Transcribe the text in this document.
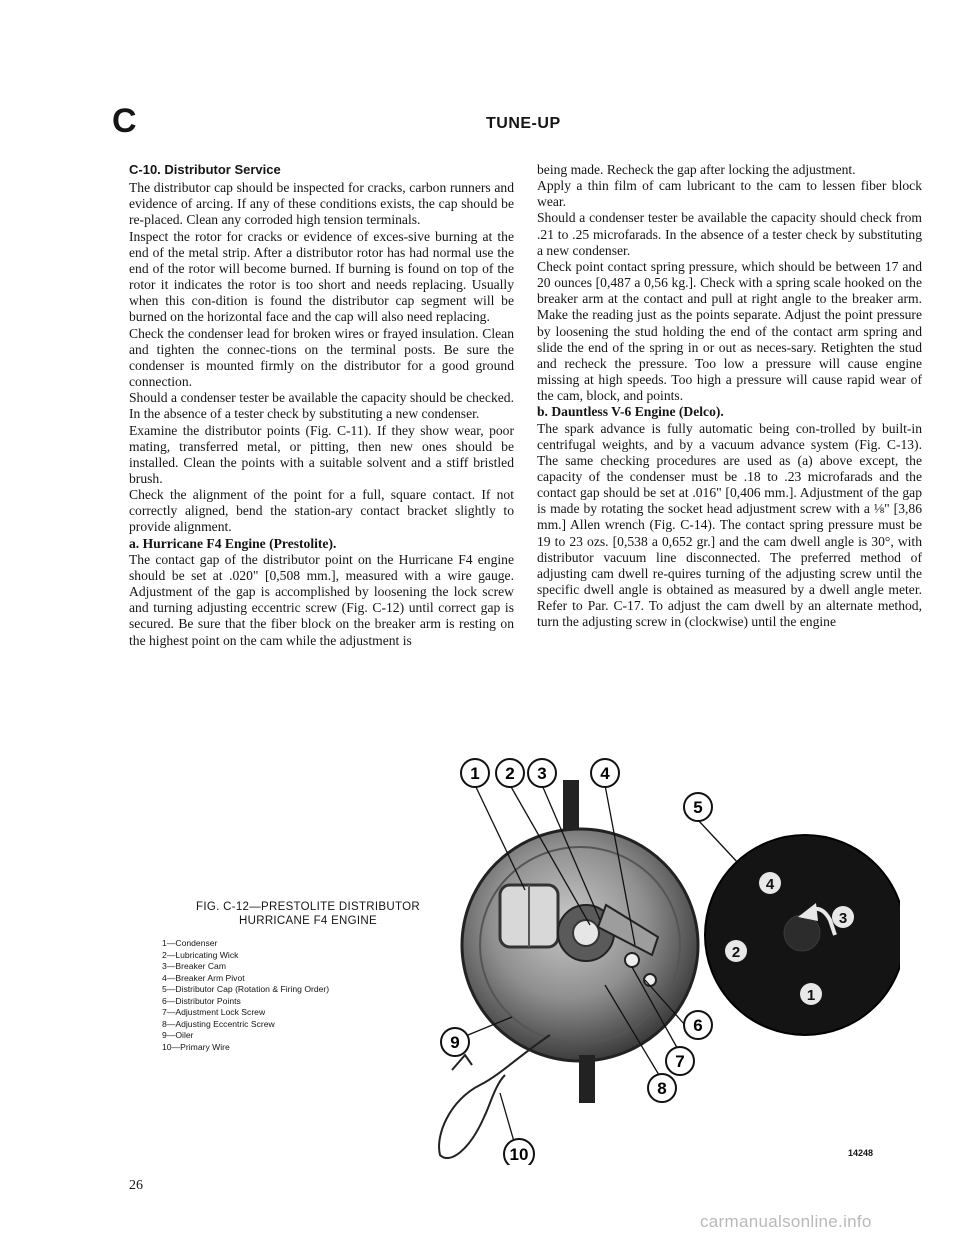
C	TUNE-UP
C-10. Distributor Service

The distributor cap should be inspected for cracks, carbon runners and evidence of arcing. If any of these conditions exists, the cap should be re-placed. Clean any corroded high tension terminals.

Inspect the rotor for cracks or evidence of exces-sive burning at the end of the metal strip. After a distributor rotor has had normal use the end of the rotor will become burned. If burning is found on top of the rotor it indicates the rotor is too short and needs replacing. Usually when this con-dition is found the distributor cap segment will be burned on the horizontal face and the cap will also need replacing.

Check the condenser lead for broken wires or frayed insulation. Clean and tighten the connec-tions on the terminal posts. Be sure the condenser is mounted firmly on the distributor for a good ground connection.

Should a condenser tester be available the capacity should be checked. In the absence of a tester check by substituting a new condenser.

Examine the distributor points (Fig. C-11). If they show wear, poor mating, transferred metal, or pitting, then new ones should be installed. Clean the points with a suitable solvent and a stiff bristled brush.

Check the alignment of the point for a full, square contact. If not correctly aligned, bend the station-ary contact bracket slightly to provide alignment.

a. Hurricane F4 Engine (Prestolite).

The contact gap of the distributor point on the Hurricane F4 engine should be set at .020" [0,508 mm.], measured with a wire gauge. Adjustment of the gap is accomplished by loosening the lock screw and turning adjusting eccentric screw (Fig. C-12) until correct gap is secured. Be sure that the fiber block on the breaker arm is resting on the highest point on the cam while the adjustment is

being made. Recheck the gap after locking the adjustment.

Apply a thin film of cam lubricant to the cam to lessen fiber block wear.

Should a condenser tester be available the capacity should check from .21 to .25 microfarads. In the absence of a tester check by substituting a new condenser.

Check point contact spring pressure, which should be between 17 and 20 ounces [0,487 a 0,56 kg.]. Check with a spring scale hooked on the breaker arm at the contact and pull at right angle to the breaker arm. Make the reading just as the points separate. Adjust the point pressure by loosening the stud holding the end of the contact arm spring and slide the end of the spring in or out as neces-sary. Retighten the stud and recheck the pressure. Too low a pressure will cause engine missing at high speeds. Too high a pressure will cause rapid wear of the cam, block, and points.

b. Dauntless V-6 Engine (Delco).

The spark advance is fully automatic being con-trolled by built-in centrifugal weights, and by a vacuum advance system (Fig. C-13). The same checking procedures are used as (a) above except, the capacity of the condenser must be .18 to .23 microfarads and the contact gap should be set at .016" [0,406 mm.]. Adjustment of the gap is made by rotating the socket head adjustment screw with a ⅛" [3,86 mm.] Allen wrench (Fig. C-14). The contact spring pressure must be 19 to 23 ozs. [0,538 a 0,652 gr.] and the cam dwell angle is 30°, with distributor vacuum line disconnected. The preferred method of adjusting cam dwell re-quires turning of the adjusting screw until the specific dwell angle is obtained as measured by a dwell angle meter. Refer to Par. C-17. To adjust the cam dwell by an alternate method, turn the adjusting screw in (clockwise) until the engine

FIG. C-12—PRESTOLITE DISTRIBUTOR
HURRICANE F4 ENGINE
1—Condenser
2—Lubricating Wick
3—Breaker Cam
4—Breaker Arm Pivot
5—Distributor Cap (Rotation & Firing Order)
6—Distributor Points
7—Adjustment Lock Screw
8—Adjusting Eccentric Screw
9—Oiler
10—Primary Wire
4
3
2
1
1 2 3	4
5
6
7
8
9
10	14248
26
carmanualsonline.info
